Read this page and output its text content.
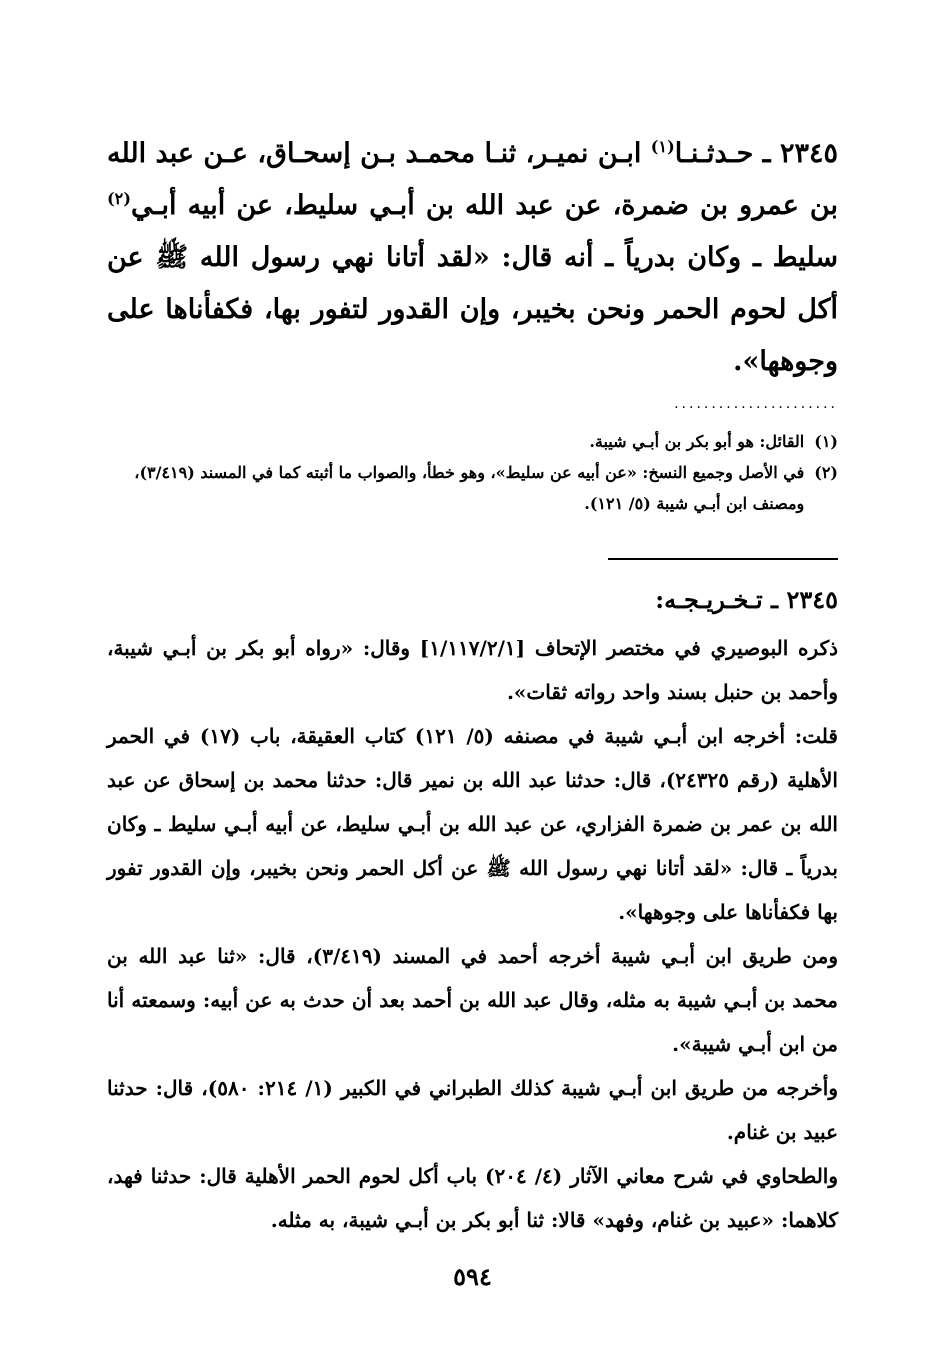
٢٣٤٥ ـ حـدثـنـا$^{(١)}$ ابـن نميـر، ثنـا محمـد بـن إسحـاق، عـن عبد الله بن عمرو بن ضمرة، عن عبد الله بن أبـي سليط، عن أبيه أبـي$^{(٢)}$ سليط ـ وكان بدرياً ـ أنه قال: «لقد أتانا نهي رسول الله ﷺ عن أكل لحوم الحمر ونحن بخيبر، وإن القدور لتفور بها، فكفأناها على وجوهها».
......................
(١)
القائل: هو أبو بكر بن أبـي شيبة.
(٢)
في الأصل وجميع النسخ: «عن أبيه عن سليط»، وهو خطأ، والصواب ما أثبته كما في المسند (٣/٤١٩)، ومصنف ابن أبـي شيبة (٥/ ١٢١).
٢٣٤٥ ـ تـخـريـجـه:

ذكره البوصيري في مختصر الإتحاف [١/١١٧/٢/١] وقال: «رواه أبو بكر بن أبـي شيبة، وأحمد بن حنبل بسند واحد رواته ثقات».

قلت: أخرجه ابن أبـي شيبة في مصنفه (٥/ ١٢١) كتاب العقيقة، باب (١٧) في الحمر الأهلية (رقم ٢٤٣٢٥)، قال: حدثنا عبد الله بن نمير قال: حدثنا محمد بن إسحاق عن عبد الله بن عمر بن ضمرة الفزاري، عن عبد الله بن أبـي سليط، عن أبيه أبـي سليط ـ وكان بدرياً ـ قال: «لقد أتانا نهي رسول الله ﷺ عن أكل الحمر ونحن بخيبر، وإن القدور تفور بها فكفأناها على وجوهها».

ومن طريق ابن أبـي شيبة أخرجه أحمد في المسند (٣/٤١٩)، قال: «ثنا عبد الله بن محمد بن أبـي شيبة به مثله، وقال عبد الله بن أحمد بعد أن حدث به عن أبيه: وسمعته أنا من ابن أبـي شيبة».

وأخرجه من طريق ابن أبـي شيبة كذلك الطبراني في الكبير (١/ ٢١٤: ٥٨٠)، قال: حدثنا عبيد بن غنام.

والطحاوي في شرح معاني الآثار (٤/ ٢٠٤) باب أكل لحوم الحمر الأهلية قال: حدثنا فهد، كلاهما: «عبيد بن غنام، وفهد» قالا: ثنا أبو بكر بن أبـي شيبة، به مثله.

٥٩٤
